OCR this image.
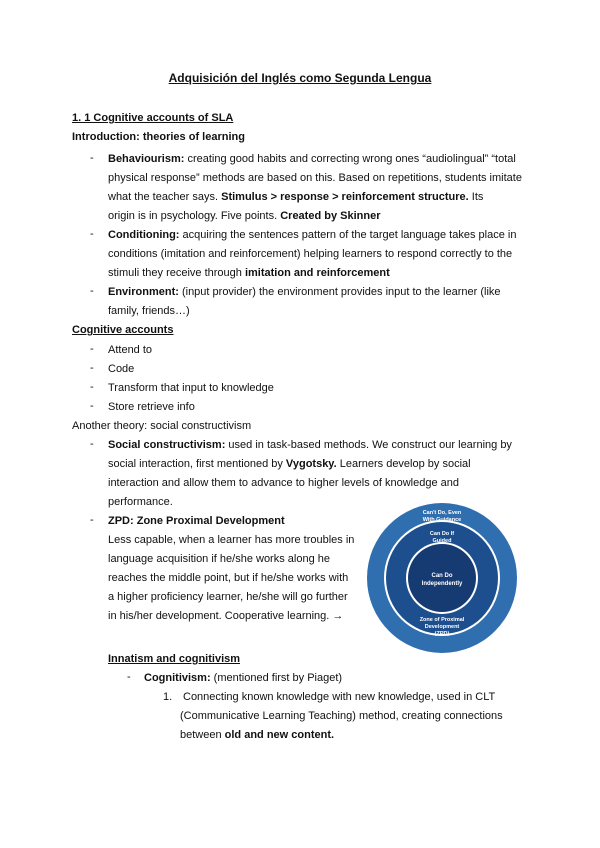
Adquisición del Inglés como Segunda Lengua
1. 1 Cognitive accounts of SLA
Introduction: theories of learning
- Behaviourism: creating good habits and correcting wrong ones “audiolingual” “total
physical response” methods are based on this. Based on repetitions, students imitate
what the teacher says. Stimulus > response > reinforcement structure. Its
origin is in psychology. Five points. Created by Skinner
- Conditioning: acquiring the sentences pattern of the target language takes place in
conditions (imitation and reinforcement) helping learners to respond correctly to the
stimuli they receive through imitation and reinforcement
- Environment: (input provider) the environment provides input to the learner (like
family, friends…)
Cognitive accounts
- Attend to
- Code
- Transform that input to knowledge
- Store retrieve info
Another theory: social constructivism
- Social constructivism: used in task-based methods. We construct our learning by
social interaction, first mentioned by Vygotsky. Learners develop by social
interaction and allow them to advance to higher levels of knowledge and
performance.
- ZPD: Zone Proximal Development
Less capable, when a learner has more troubles in
language acquisition if he/she works along he
reaches the middle point, but if he/she works with
a higher proficiency learner, he/she will go further
in his/her development. Cooperative learning. →
Can't Do, Even
With Guidance
Can Do If
Guided
Can Do
Independently
Zone of Proximal
Development
(ZPD)
Innatism and cognitivism
- Cognitivism: (mentioned first by Piaget)
1. Connecting known knowledge with new knowledge, used in CLT
(Communicative Learning Teaching) method, creating connections
between old and new content.
